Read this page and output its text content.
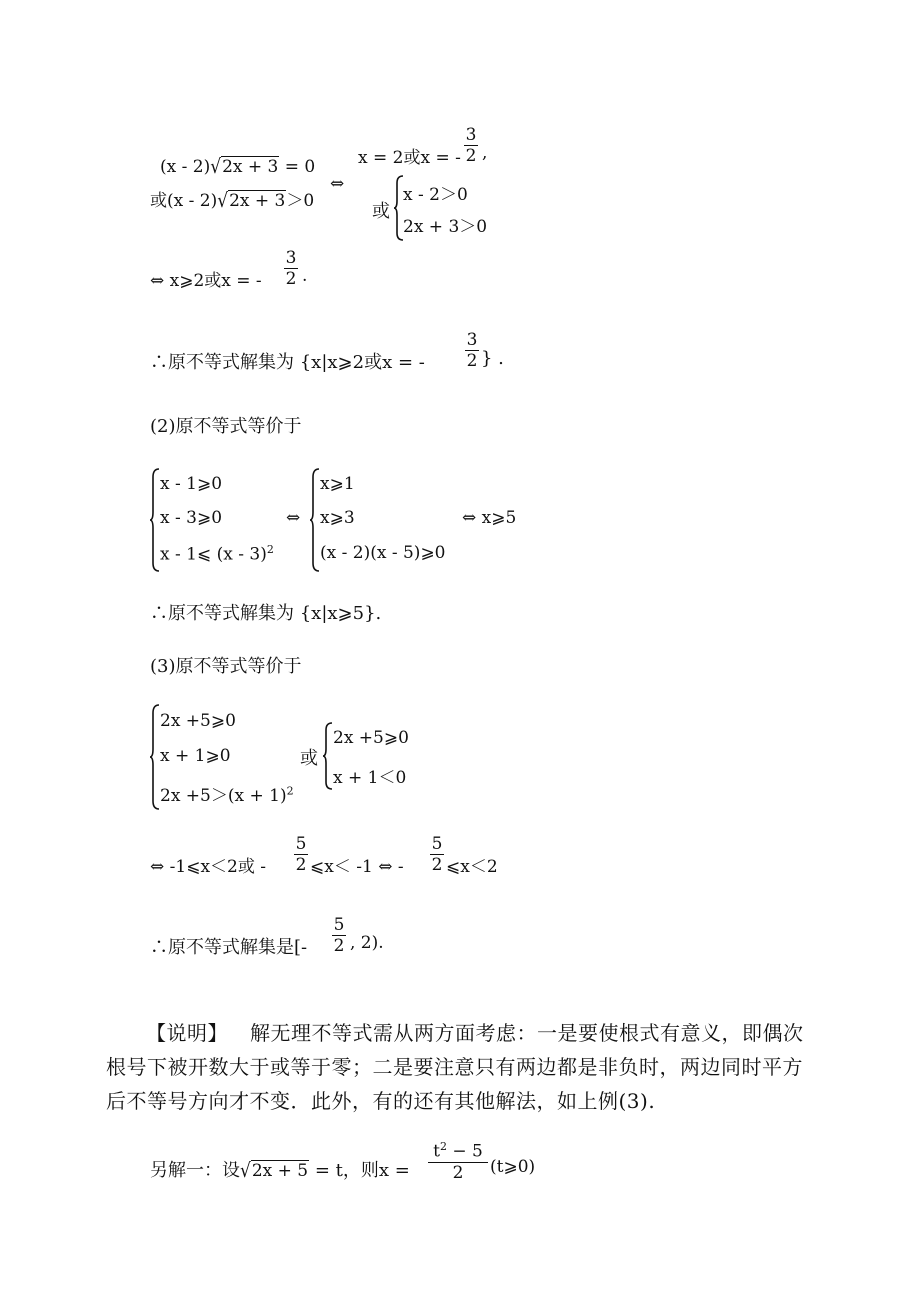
(x - 2)√2x + 3 = 0
或(x - 2)√2x + 3＞0
⇔
x = 2或x = -
3
2 ,
或
x - 2＞0
2x + 3＞0
⇔ x⩾2或x = -
3
2 .
∴原不等式解集为 {x|x⩾2或x = -
3
2 } .
(2)原不等式等价于
x - 1⩾0
x - 3⩾0
x - 1⩽ (x - 3)$^2$
⇔
x⩾1
x⩾3
(x - 2)(x - 5)⩾0
⇔ x⩾5
∴原不等式解集为 {x|x⩾5}.
(3)原不等式等价于
2x +5⩾0
x + 1⩾0
$2x +5>(x + 1)^2$
或
2x +5⩾0
x + 1＜0
⇔ -1⩽x＜2或 -
5
2 ⩽x＜ -1 ⇔ -
5
2 ⩽x＜2
∴原不等式解集是[-
5
2 , 2).
【说明】 解无理不等式需从两方面考虑：一是要使根式有意义，即偶次根号下被开数大于或等于零；二是要注意只有两边都是非负时，两边同时平方后不等号方向才不变．此外，有的还有其他解法，如上例(3).
另解一：设√2x + 5 = t，则x =
$t^2 - 5$
2	(t⩾0)
